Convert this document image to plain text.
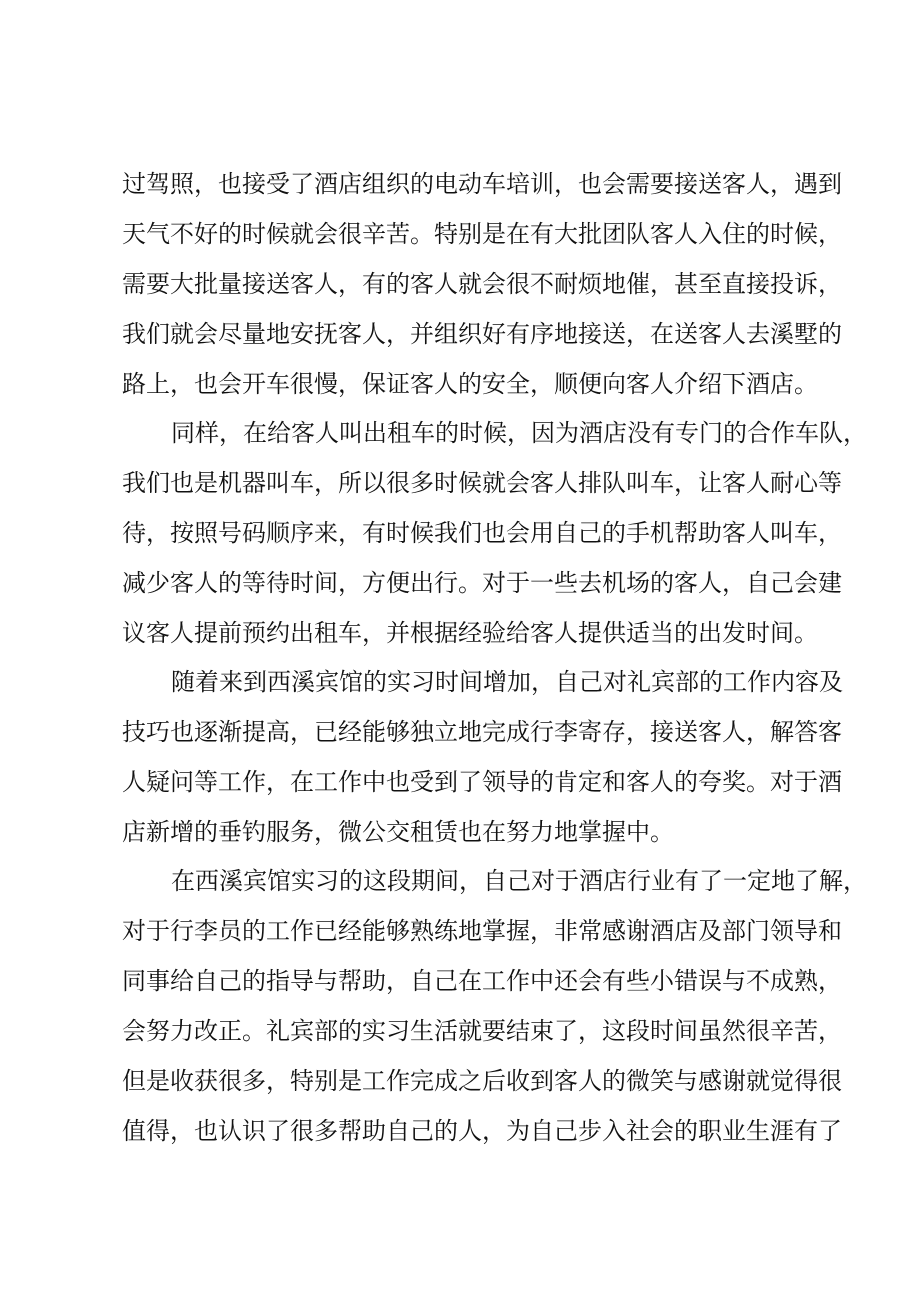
过驾照，也接受了酒店组织的电动车培训，也会需要接送客人，遇到
天气不好的时候就会很辛苦。特别是在有大批团队客人入住的时候，
需要大批量接送客人，有的客人就会很不耐烦地催，甚至直接投诉，
我们就会尽量地安抚客人，并组织好有序地接送，在送客人去溪墅的
路上，也会开车很慢，保证客人的安全，顺便向客人介绍下酒店。
同样，在给客人叫出租车的时候，因为酒店没有专门的合作车队，
我们也是机器叫车，所以很多时候就会客人排队叫车，让客人耐心等
待，按照号码顺序来，有时候我们也会用自己的手机帮助客人叫车，
减少客人的等待时间，方便出行。对于一些去机场的客人，自己会建
议客人提前预约出租车，并根据经验给客人提供适当的出发时间。
随着来到西溪宾馆的实习时间增加，自己对礼宾部的工作内容及
技巧也逐渐提高，已经能够独立地完成行李寄存，接送客人，解答客
人疑问等工作，在工作中也受到了领导的肯定和客人的夸奖。对于酒
店新增的垂钓服务，微公交租赁也在努力地掌握中。
在西溪宾馆实习的这段期间，自己对于酒店行业有了一定地了解，
对于行李员的工作已经能够熟练地掌握，非常感谢酒店及部门领导和
同事给自己的指导与帮助，自己在工作中还会有些小错误与不成熟，
会努力改正。礼宾部的实习生活就要结束了，这段时间虽然很辛苦，
但是收获很多，特别是工作完成之后收到客人的微笑与感谢就觉得很
值得，也认识了很多帮助自己的人，为自己步入社会的职业生涯有了
